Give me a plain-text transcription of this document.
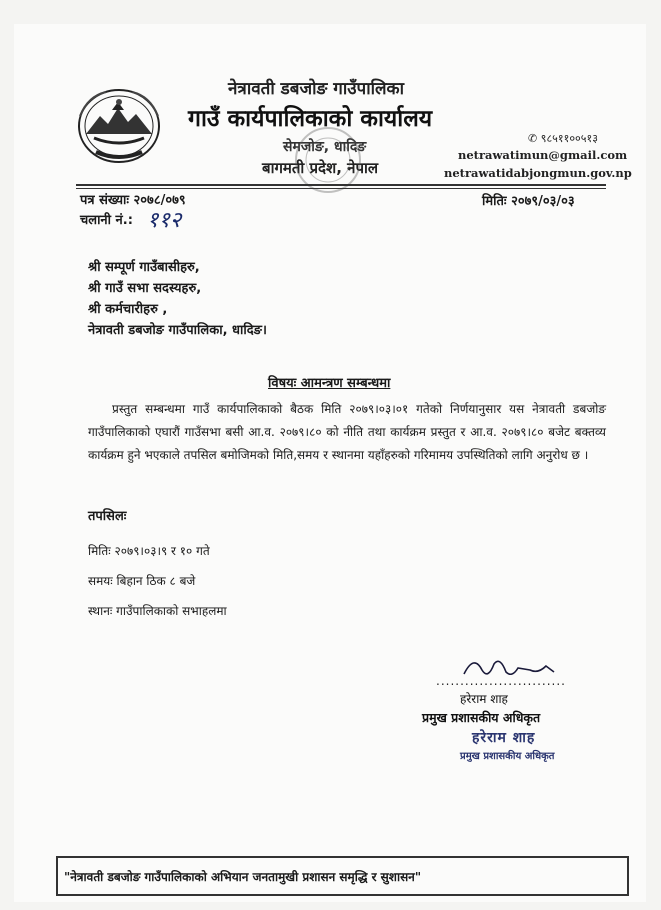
नेत्रावती डबजोङ गाउँपालिका
गाउँ कार्यपालिकाको कार्यालय
सेमजोङ, धादिङ
बागमती प्रदेश, नेपाल
✆ ९८५११००५१३
netrawatimun@gmail.com
netrawatidabjongmun.gov.np
पत्र संख्याः २०७८/०७९	मितिः २०७९/०३/०३
चलानी नं.: ११२
श्री सम्पूर्ण गाउँबासीहरु,
श्री गाउँ सभा सदस्यहरु,
श्री कर्मचारीहरु ,
नेत्रावती डबजोङ गाउँपालिका, धादिङ।
विषयः आमन्त्रण सम्बन्धमा
प्रस्तुत सम्बन्धमा गाउँ कार्यपालिकाको बैठक मिति २०७९।०३।०१ गतेको निर्णयानुसार यस नेत्रावती डबजोङ गाउँपालिकाको एघारौं गाउँसभा बसी आ.व. २०७९।८० को नीति तथा कार्यक्रम प्रस्तुत र आ.व. २०७९।८० बजेट बक्तव्य कार्यक्रम हुने भएकाले तपसिल बमोजिमको मिति,समय र स्थानमा यहाँहरुको गरिमामय उपस्थितिको लागि अनुरोध छ ।
तपसिलः
मितिः २०७९।०३।९ र १० गते
समयः बिहान ठिक ८ बजे
स्थानः गाउँपालिकाको सभाहलमा
...........................
हरेराम शाह
प्रमुख प्रशासकीय अधिकृत
हरेराम शाह
प्रमुख प्रशासकीय अधिकृत
"नेत्रावती डबजोङ गाउँपालिकाको अभियान जनतामुखी प्रशासन समृद्धि र सुशासन"
